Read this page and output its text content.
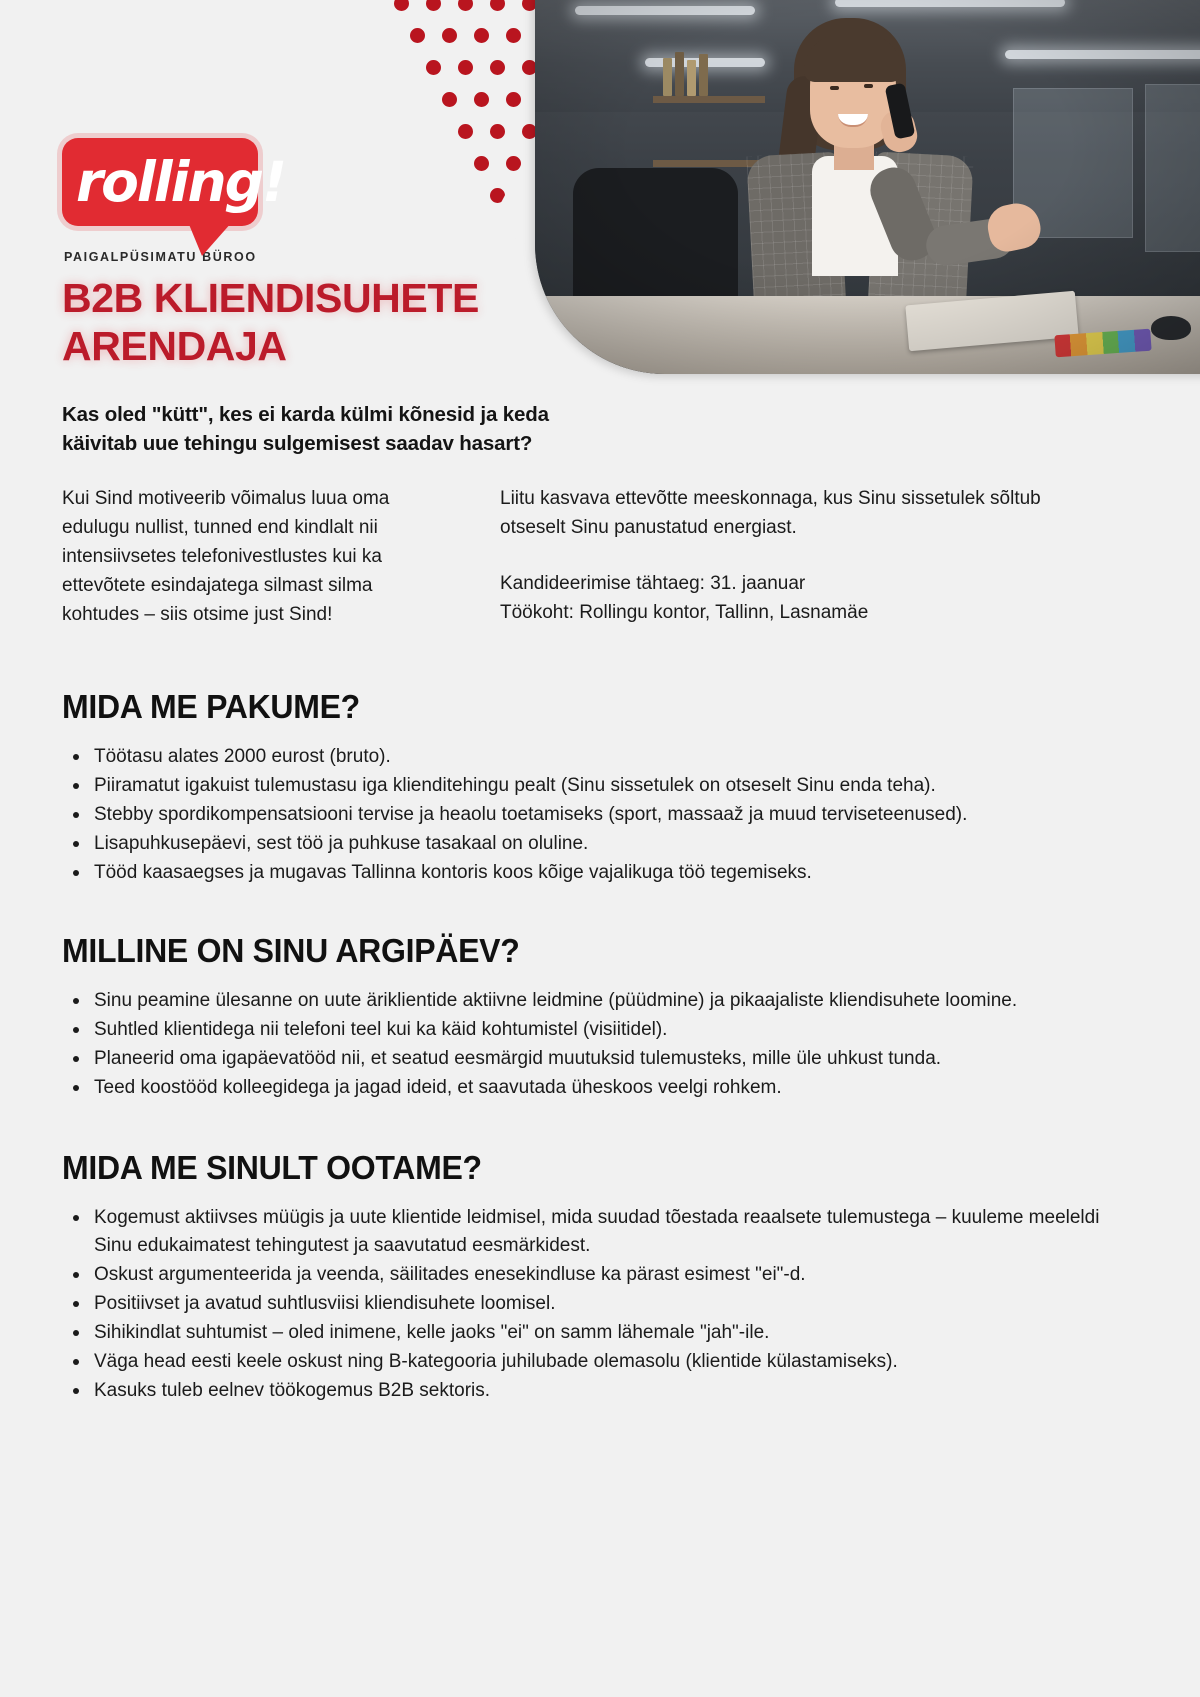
rolling!
PAIGALPÜSIMATU BÜROO
B2B KLIENDISUHETE
ARENDAJA

Kas oled "kütt", kes ei karda külmi kõnesid ja keda käivitab uue tehingu sulgemisest saadav hasart?

Kui Sind motiveerib võimalus luua oma edulugu nullist, tunned end kindlalt nii intensiivsetes telefonivestlustes kui ka ettevõtete esindajatega silmast silma kohtudes – siis otsime just Sind!

Liitu kasvava ettevõtte meeskonnaga, kus Sinu sissetulek sõltub otseselt Sinu panustatud energiast.

Kandideerimise tähtaeg: 31. jaanuar
Töökoht: Rollingu kontor, Tallinn, Lasnamäe

MIDA ME PAKUME?
Töötasu alates 2000 eurost (bruto).
Piiramatut igakuist tulemustasu iga klienditehingu pealt (Sinu sissetulek on otseselt Sinu enda teha).
Stebby spordikompensatsiooni tervise ja heaolu toetamiseks (sport, massaaž ja muud terviseteenused).
Lisapuhkusepäevi, sest töö ja puhkuse tasakaal on oluline.
Tööd kaasaegses ja mugavas Tallinna kontoris koos kõige vajalikuga töö tegemiseks.
MILLINE ON SINU ARGIPÄEV?
Sinu peamine ülesanne on uute äriklientide aktiivne leidmine (püüdmine) ja pikaajaliste kliendisuhete loomine.
Suhtled klientidega nii telefoni teel kui ka käid kohtumistel (visiitidel).
Planeerid oma igapäevatööd nii, et seatud eesmärgid muutuksid tulemusteks, mille üle uhkust tunda.
Teed koostööd kolleegidega ja jagad ideid, et saavutada üheskoos veelgi rohkem.
MIDA ME SINULT OOTAME?
Kogemust aktiivses müügis ja uute klientide leidmisel, mida suudad tõestada reaalsete tulemustega – kuuleme meeleldi Sinu edukaimatest tehingutest ja saavutatud eesmärkidest.
Oskust argumenteerida ja veenda, säilitades enesekindluse ka pärast esimest "ei"-d.
Positiivset ja avatud suhtlusviisi kliendisuhete loomisel.
Sihikindlat suhtumist – oled inimene, kelle jaoks "ei" on samm lähemale "jah"-ile.
Väga head eesti keele oskust ning B-kategooria juhilubade olemasolu (klientide külastamiseks).
Kasuks tuleb eelnev töökogemus B2B sektoris.
